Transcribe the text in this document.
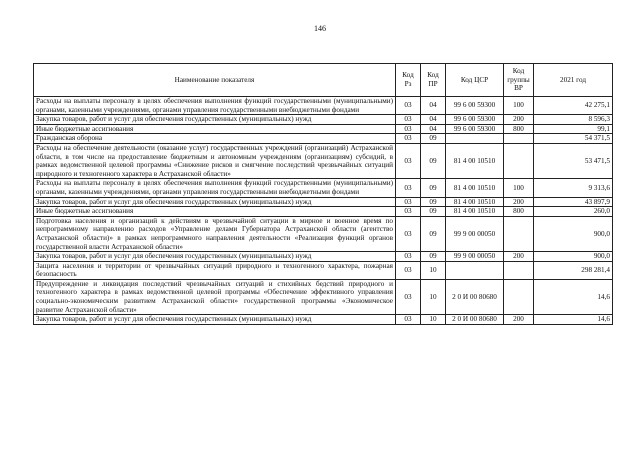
146
Наименование показателя	Код Рз	Код ПР	Код ЦСР	Код группы ВР	2021 год
Расходы на выплаты персоналу в целях обеспечения выполнения функций государственными (муниципальными) органами, казенными учреждениями, органами управления государственными внебюджетными фондами	03	04	99 6 00 59300	100	42 275,1
Закупка товаров, работ и услуг для обеспечения государственных (муниципальных) нужд	03	04	99 6 00 59300	200	8 596,3
Иные бюджетные ассигнования	03	04	99 6 00 59300	800	99,1
Гражданская оборона	03	09			54 371,5
Расходы на обеспечение деятельности (оказание услуг) государственных учреждений (организаций) Астраханской области, в том числе на предоставление бюджетным и автономным учреждениям (организациям) субсидий, в рамках ведомственной целевой программы «Снижение рисков и смягчение последствий чрезвычайных ситуаций природного и техногенного характера в Астраханской области»	03	09	81 4 00 10510		53 471,5
Расходы на выплаты персоналу в целях обеспечения выполнения функций государственными (муниципальными) органами, казенными учреждениями, органами управления государственными внебюджетными фондами	03	09	81 4 00 10510	100	9 313,6
Закупка товаров, работ и услуг для обеспечения государственных (муниципальных) нужд	03	09	81 4 00 10510	200	43 897,9
Иные бюджетные ассигнования	03	09	81 4 00 10510	800	260,0
Подготовка населения и организаций к действиям в чрезвычайной ситуации в мирное и военное время по непрограммному направлению расходов «Управление делами Губернатора Астраханской области (агентство Астраханской области)» в рамках непрограммного направления деятельности «Реализация функций органов государственной власти Астраханской области»	03	09	99 9 00 00050		900,0
Закупка товаров, работ и услуг для обеспечения государственных (муниципальных) нужд	03	09	99 9 00 00050	200	900,0
Защита населения и территории от чрезвычайных ситуаций природного и техногенного характера, пожарная безопасность	03	10			298 281,4
Предупреждение и ликвидация последствий чрезвычайных ситуаций и стихийных бедствий природного и техногенного характера в рамках ведомственной целевой программы «Обеспечение эффективного управления социально-экономическим развитием Астраханской области» государственной программы «Экономическое развитие Астраханской области»	03	10	2 0 И 00 80680		14,6
Закупка товаров, работ и услуг для обеспечения государственных (муниципальных) нужд	03	10	2 0 И 00 80680	200	14,6
